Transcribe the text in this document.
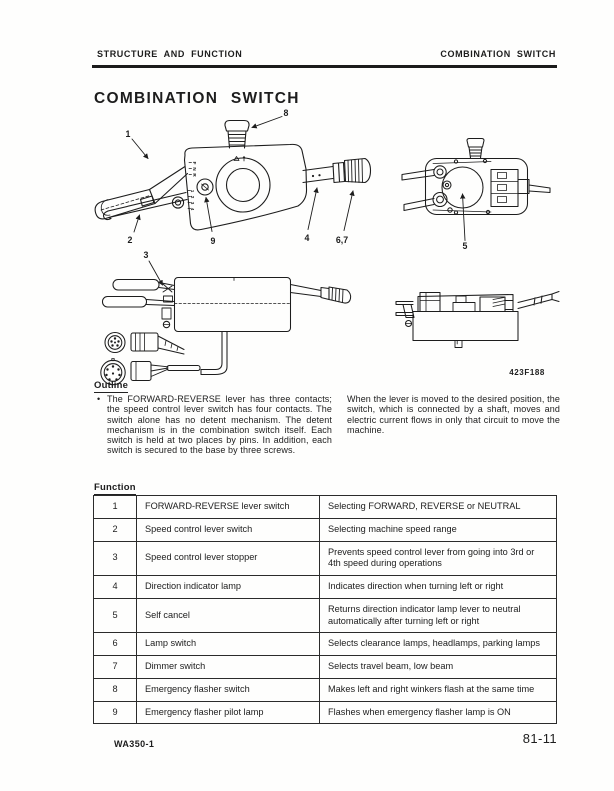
STRUCTURE AND FUNCTION	COMBINATION SWITCH
COMBINATION SWITCH
F
N
R
1
2
3
4
1
2
8
9	4	6,7
5
3
423F188
Outline
• The FORWARD-REVERSE lever has three contacts; the speed control lever switch has four contacts. The switch alone has no detent mechanism. The detent mechanism is in the combination switch itself. Each switch is held at two places by pins. In addition, each switch is secured to the base by three screws.
When the lever is moved to the desired position, the switch, which is connected by a shaft, moves and electric current flows in only that circuit to move the machine.
Function
1	FORWARD-REVERSE lever switch	Selecting FORWARD, REVERSE or NEUTRAL
2	Speed control lever switch	Selecting machine speed range
3	Speed control lever stopper	Prevents speed control lever from going into 3rd or 4th speed during operations
4	Direction indicator lamp	Indicates direction when turning left or right
5	Self cancel	Returns direction indicator lamp lever to neutral automatically after turning left or right
6	Lamp switch	Selects clearance lamps, headlamps, parking lamps
7	Dimmer switch	Selects travel beam, low beam
8	Emergency flasher switch	Makes left and right winkers flash at the same time
9	Emergency flasher pilot lamp	Flashes when emergency flasher lamp is ON
WA350-1	81-11
